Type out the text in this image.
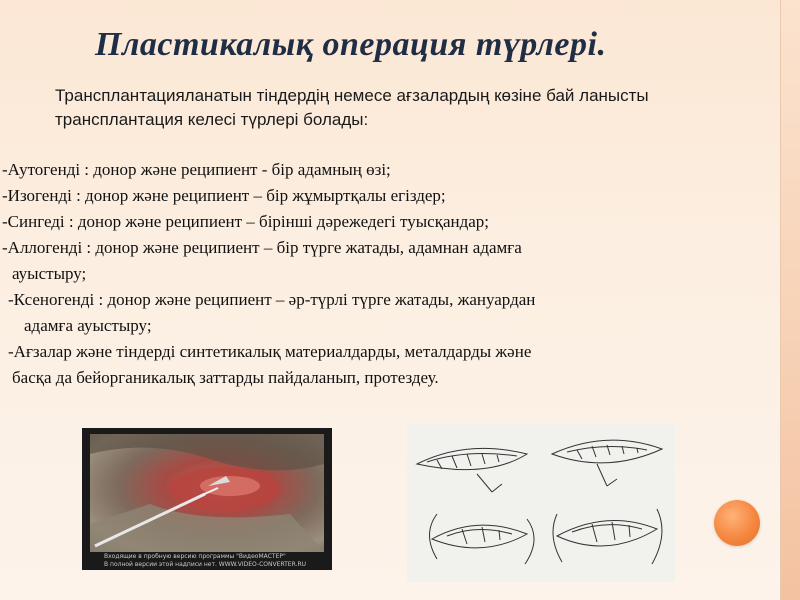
Пластикалық операция түрлері.

Трансплантацияланатын тіндердің немесе ағзалардың көзіне бай ланысты трансплантация келесі түрлері болады:

-Аутогенді : донор және реципиент - бір адамның өзі;
-Изогенді : донор және реципиент – бір жұмыртқалы егіздер;
-Сингеді : донор және реципиент – бірінші дәрежедегі туысқандар;
-Аллогенді : донор және реципиент – бір түрге жатады, адамнан адамға
ауыстыру;
-Ксеногенді : донор және реципиент – әр-түрлі түрге жатады, жануардан
адамға ауыстыру;
-Ағзалар және тіндерді синтетикалық материалдарды, металдарды және
басқа да бейорганикалық заттарды пайдаланып, протездеу.
Входящие в пробную версию программы "ВидеоМАСТЕР"
В полной версии этой надписи нет. WWW.VIDEO-CONVERTER.RU
